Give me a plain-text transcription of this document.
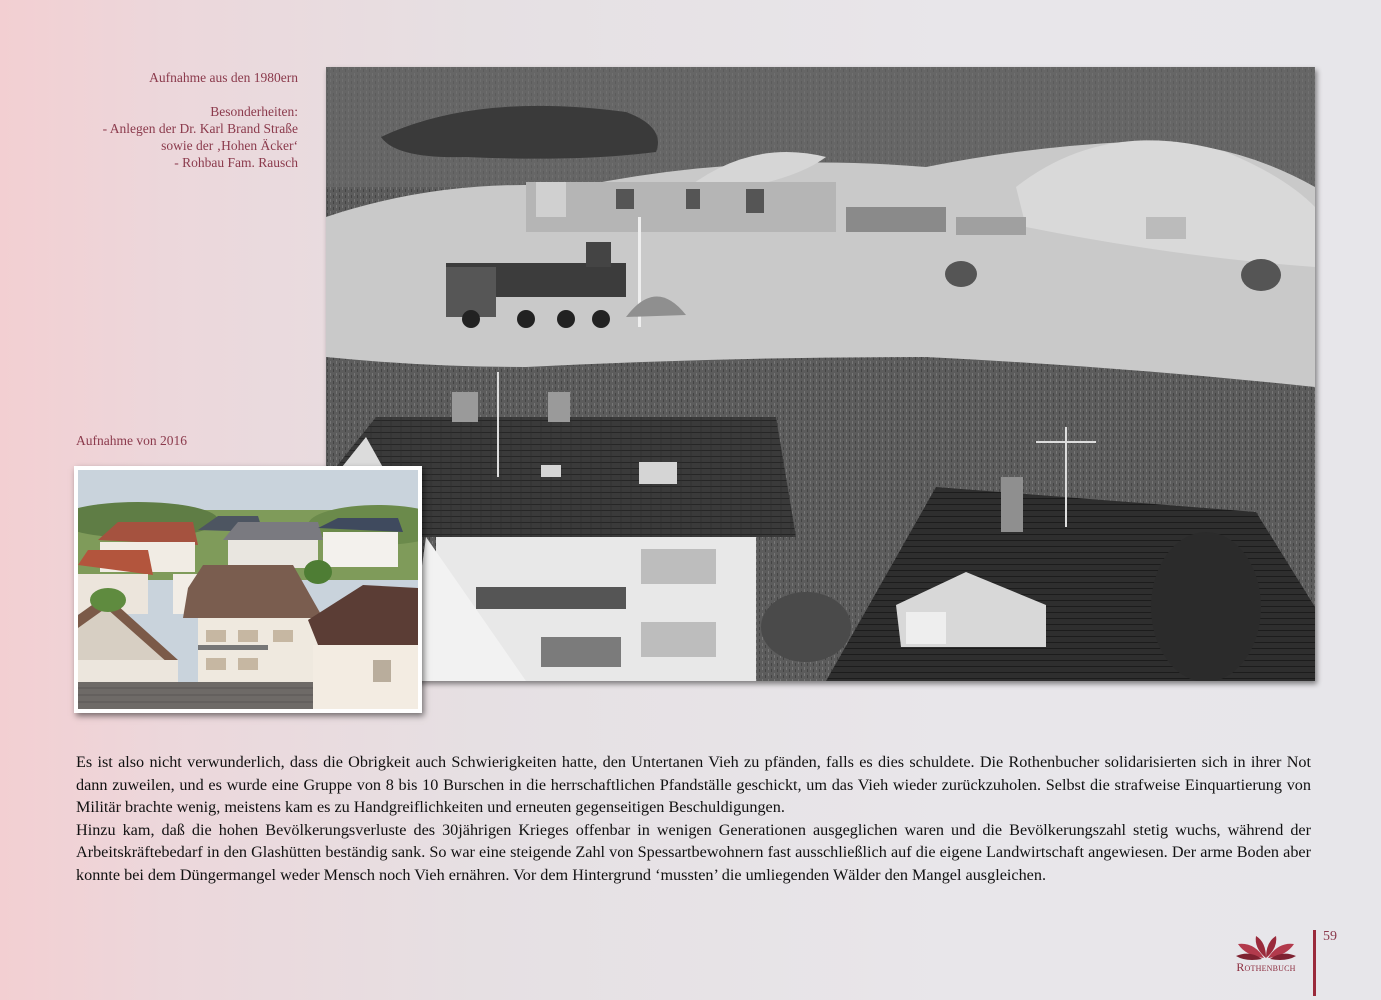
Aufnahme aus den 1980ern
Besonderheiten:
- Anlegen der Dr. Karl Brand Straße
sowie der ‚Hohen Äcker‘
- Rohbau Fam. Rausch
Aufnahme von 2016

Es ist also nicht verwunderlich, dass die Obrigkeit auch Schwierigkeiten hatte, den Untertanen Vieh zu pfänden, falls es dies schuldete. Die Rothenbucher solidarisierten sich in ihrer Not dann zuweilen, und es wurde eine Gruppe von 8 bis 10 Burschen in die herrschaftlichen Pfandställe geschickt, um das Vieh wieder zurückzuholen. Selbst die strafweise Einquartierung von Militär brachte wenig, meistens kam es zu Handgreiflichkeiten und erneuten gegenseitigen Beschuldigungen.

Hinzu kam, daß die hohen Bevölkerungsverluste des 30jährigen Krieges offenbar in wenigen Generationen ausgeglichen waren und die Bevölkerungszahl stetig wuchs, während der Arbeitskräftebedarf in den Glashütten beständig sank. So war eine steigende Zahl von Spessartbewohnern fast ausschließlich auf die eigene Landwirtschaft angewiesen. Der arme Boden aber konnte bei dem Düngermangel weder Mensch noch Vieh ernähren. Vor dem Hintergrund ‘mussten’ die umliegenden Wälder den Mangel ausgleichen.

Rothenbuch
59
